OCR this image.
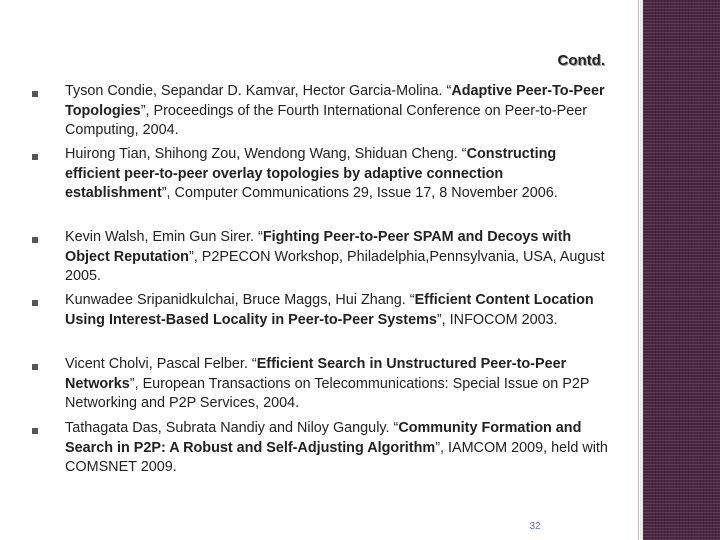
Contd.
Tyson Condie, Sepandar D. Kamvar, Hector Garcia-Molina. “Adaptive Peer-To-Peer Topologies”, Proceedings of the Fourth International Conference on Peer-to-Peer Computing, 2004.
Huirong Tian, Shihong Zou, Wendong Wang, Shiduan Cheng. “Constructing efficient peer-to-peer overlay topologies by adaptive connection establishment”, Computer Communications 29, Issue 17, 8 November 2006.
Kevin Walsh, Emin Gun Sirer. “Fighting Peer-to-Peer SPAM and Decoys with Object Reputation”, P2PECON Workshop, Philadelphia,Pennsylvania, USA, August 2005.
Kunwadee Sripanidkulchai, Bruce Maggs, Hui Zhang. “Efficient Content Location Using Interest-Based Locality in Peer-to-Peer Systems”, INFOCOM 2003.
Vicent Cholvi, Pascal Felber. “Efficient Search in Unstructured Peer-to-Peer Networks”, European Transactions on Telecommunications: Special Issue on P2P Networking and P2P Services, 2004.
Tathagata Das, Subrata Nandiy and Niloy Ganguly. “Community Formation and Search in P2P: A Robust and Self-Adjusting Algorithm”, IAMCOM 2009, held with COMSNET 2009.
32
